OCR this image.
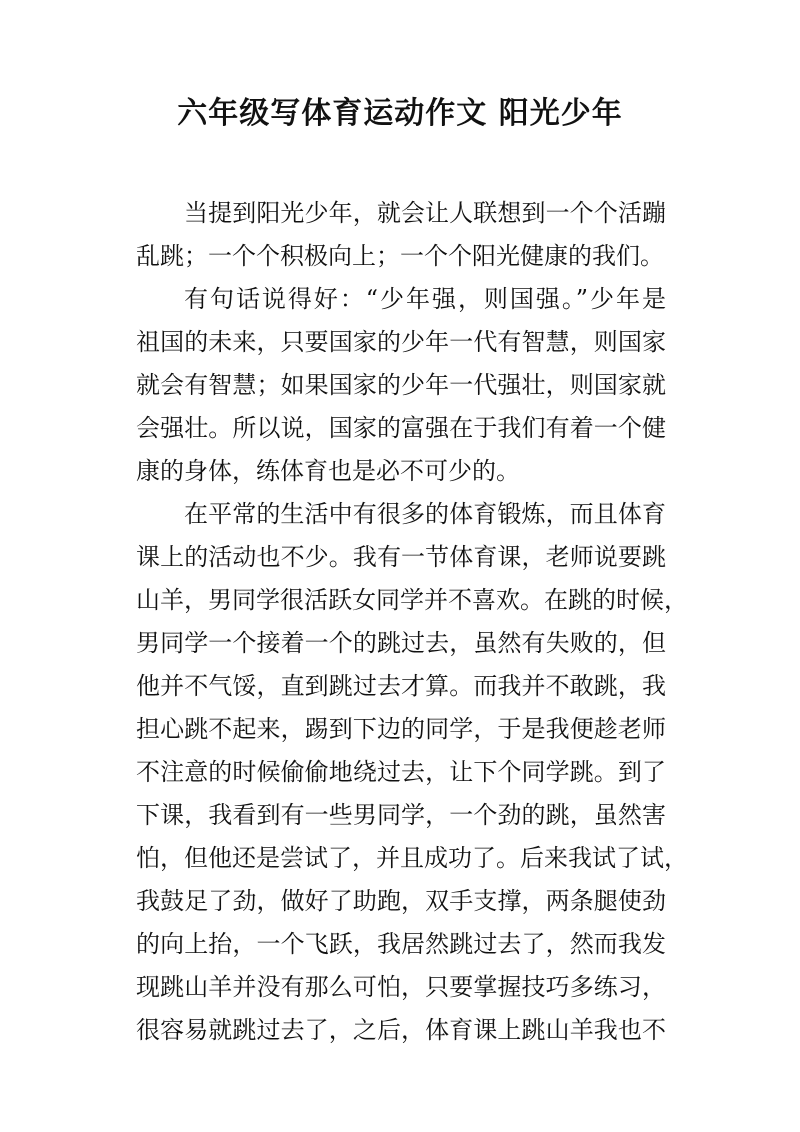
六年级写体育运动作文 阳光少年
当提到阳光少年，就会让人联想到一个个活蹦
乱跳；一个个积极向上；一个个阳光健康的我们。
有句话说得好：“少年强，则国强。”少年是
祖国的未来，只要国家的少年一代有智慧，则国家
就会有智慧；如果国家的少年一代强壮，则国家就
会强壮。所以说，国家的富强在于我们有着一个健
康的身体，练体育也是必不可少的。
在平常的生活中有很多的体育锻炼，而且体育
课上的活动也不少。我有一节体育课，老师说要跳
山羊，男同学很活跃女同学并不喜欢。在跳的时候，
男同学一个接着一个的跳过去，虽然有失败的，但
他并不气馁，直到跳过去才算。而我并不敢跳，我
担心跳不起来，踢到下边的同学，于是我便趁老师
不注意的时候偷偷地绕过去，让下个同学跳。到了
下课，我看到有一些男同学，一个劲的跳，虽然害
怕，但他还是尝试了，并且成功了。后来我试了试，
我鼓足了劲，做好了助跑，双手支撑，两条腿使劲
的向上抬，一个飞跃，我居然跳过去了，然而我发
现跳山羊并没有那么可怕，只要掌握技巧多练习，
很容易就跳过去了，之后，体育课上跳山羊我也不
